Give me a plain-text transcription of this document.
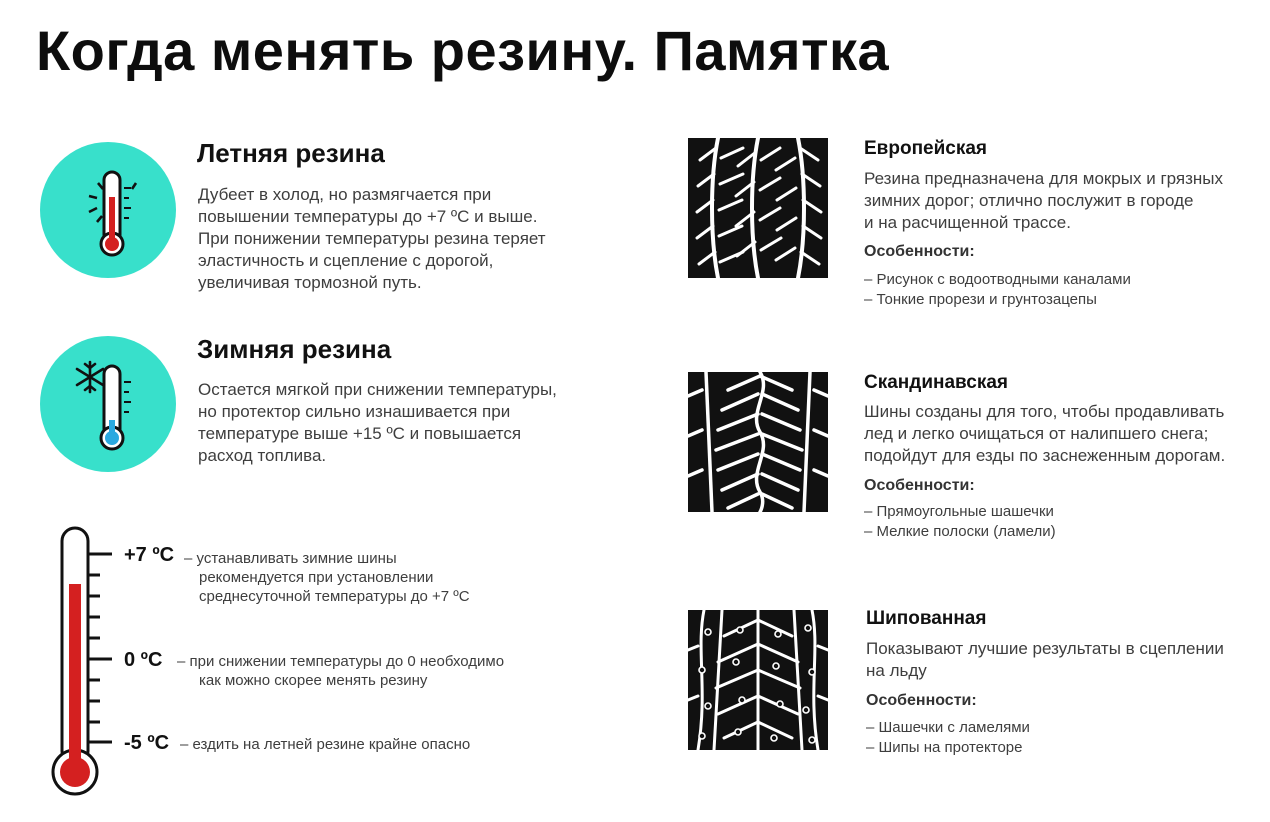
Когда менять резину. Памятка
Летняя резина
Дубеет в холод, но размягчается при
повышении температуры до +7 ºС и выше.
При понижении температуры резина теряет
эластичность и сцепление с дорогой,
увеличивая тормозной путь.
Зимняя резина
Остается мягкой при снижении температуры,
но протектор сильно изнашивается при
температуре выше +15 ºС и повышается
расход топлива.
+7 ºС – устанавливать зимние шины
рекомендуется при установлении
среднесуточной температуры до +7 ºС
0 ºС – при снижении температуры до 0 необходимо
как можно скорее менять резину
-5 ºС – ездить на летней резине крайне опасно
Европейская
Резина предназначена для мокрых и грязных
зимних дорог; отлично послужит в городе
и на расчищенной трассе.
Особенности:
– Рисунок с водоотводными каналами
– Тонкие прорези и грунтозацепы
Скандинавская
Шины созданы для того, чтобы продавливать
лед и легко очищаться от налипшего снега;
подойдут для езды по заснеженным дорогам.
Особенности:
– Прямоугольные шашечки
– Мелкие полоски (ламели)
Шипованная
Показывают лучшие результаты в сцеплении
на льду
Особенности:
– Шашечки с ламелями
– Шипы на протекторе
